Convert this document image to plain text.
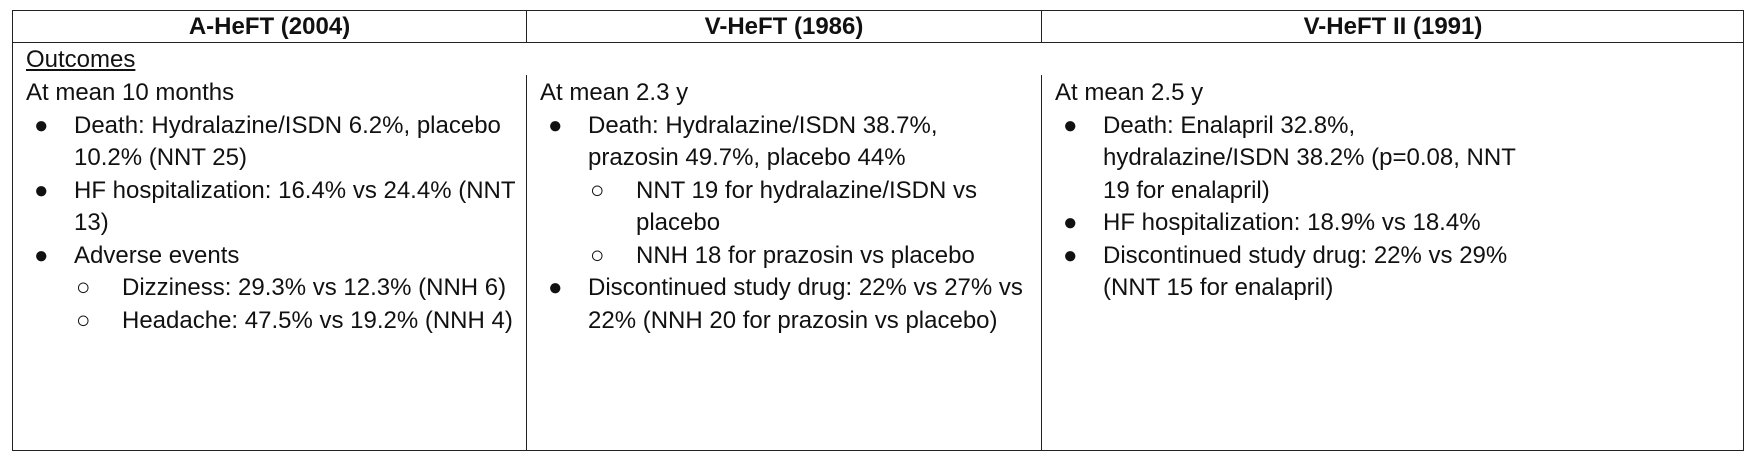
A-HeFT (2004)	V-HeFT (1986)	V-HeFT II (1991)
Outcomes

At mean 10 months

● Death: Hydralazine/ISDN 6.2%, placebo 10.2% (NNT 25)
● HF hospitalization: 16.4% vs 24.4% (NNT 13)
● Adverse events
○ Dizziness: 29.3% vs 12.3% (NNH 6)
○ Headache: 47.5% vs 19.2% (NNH 4)

At mean 2.3 y

● Death: Hydralazine/ISDN 38.7%, prazosin 49.7%, placebo 44%
○ NNT 19 for hydralazine/ISDN vs placebo
○ NNH 18 for prazosin vs placebo
● Discontinued study drug: 22% vs 27% vs 22% (NNH 20 for prazosin vs placebo)

At mean 2.5 y

● Death: Enalapril 32.8%, hydralazine/ISDN 38.2% (p=0.08, NNT 19 for enalapril)
● HF hospitalization: 18.9% vs 18.4%
● Discontinued study drug: 22% vs 29% (NNT 15 for enalapril)
